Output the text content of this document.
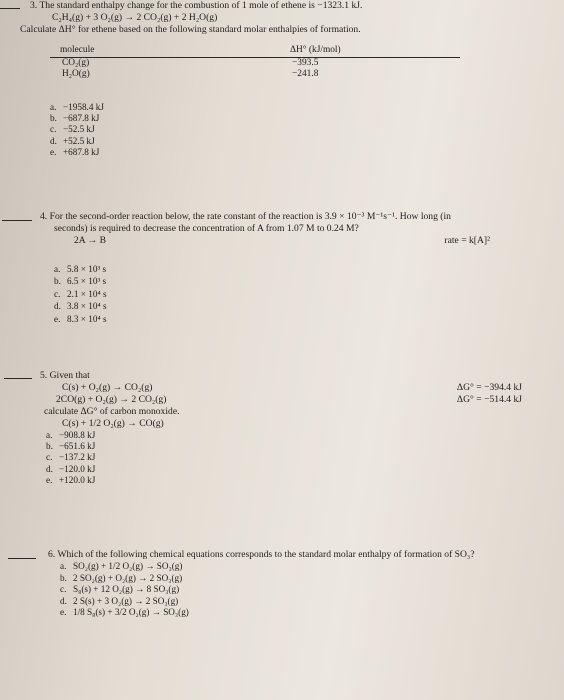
3. The standard enthalpy change for the combustion of 1 mole of ethene is −1323.1 kJ.
C₂H₄(g) + 3 O₂(g) → 2 CO₂(g) + 2 H₂O(g)
Calculate ΔH° for ethene based on the following standard molar enthalpies of formation.
molecule	ΔH° (kJ/mol)
CO₂(g)	−393.5
H₂O(g)	−241.8
a. −1958.4 kJ
b. −687.8 kJ
c. −52.5 kJ
d. +52.5 kJ
e. +687.8 kJ
4. For the second-order reaction below, the rate constant of the reaction is 3.9 × 10⁻³ M⁻¹s⁻¹. How long (in
seconds) is required to decrease the concentration of A from 1.07 M to 0.24 M?
2A → B	rate = k[A]²
a. 5.8 × 10³ s
b. 6.5 × 10³ s
c. 2.1 × 10⁴ s
d. 3.8 × 10⁴ s
e. 8.3 × 10⁴ s
5. Given that
C(s) + O₂(g) → CO₂(g)	ΔG° = −394.4 kJ
2CO(g) + O₂(g) → 2 CO₂(g)	ΔG° = −514.4 kJ
calculate ΔG° of carbon monoxide.
C(s) + 1/2 O₂(g) → CO(g)
a. −908.8 kJ
b. −651.6 kJ
c. −137.2 kJ
d. −120.0 kJ
e. +120.0 kJ
6. Which of the following chemical equations corresponds to the standard molar enthalpy of formation of SO₃?
a. SO₂(g) + 1/2 O₂(g) → SO₃(g)
b. 2 SO₂(g) + O₂(g) → 2 SO₃(g)
c. S₈(s) + 12 O₂(g) → 8 SO₃(g)
d. 2 S(s) + 3 O₂(g) → 2 SO₃(g)
e. 1/8 S₈(s) + 3/2 O₂(g) → SO₃(g)
